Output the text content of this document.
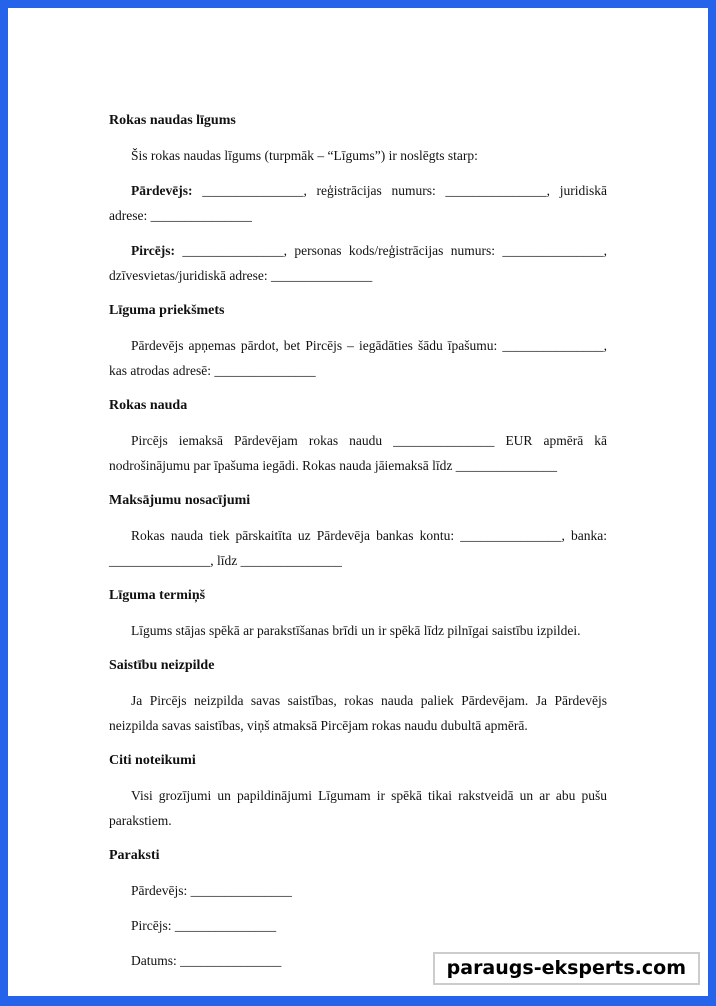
Rokas naudas līgums

Šis rokas naudas līgums (turpmāk – “Līgums”) ir noslēgts starp:

Pārdevējs: _______________, reģistrācijas numurs: _______________, juridiskā adrese: _______________

Pircējs: _______________, personas kods/reģistrācijas numurs: _______________, dzīvesvietas/juridiskā adrese: _______________

Līguma priekšmets

Pārdevējs apņemas pārdot, bet Pircējs – iegādāties šādu īpašumu: _______________, kas atrodas adresē: _______________

Rokas nauda

Pircējs iemaksā Pārdevējam rokas naudu _______________ EUR apmērā kā nodrošinājumu par īpašuma iegādi. Rokas nauda jāiemaksā līdz _______________

Maksājumu nosacījumi

Rokas nauda tiek pārskaitīta uz Pārdevēja bankas kontu: _______________, banka: _______________, līdz _______________

Līguma termiņš

Līgums stājas spēkā ar parakstīšanas brīdi un ir spēkā līdz pilnīgai saistību izpildei.

Saistību neizpilde

Ja Pircējs neizpilda savas saistības, rokas nauda paliek Pārdevējam. Ja Pārdevējs neizpilda savas saistības, viņš atmaksā Pircējam rokas naudu dubultā apmērā.

Citi noteikumi

Visi grozījumi un papildinājumi Līgumam ir spēkā tikai rakstveidā un ar abu pušu parakstiem.

Paraksti

Pārdevējs: _______________

Pircējs: _______________

Datums: _______________	paraugs-eksperts.com
